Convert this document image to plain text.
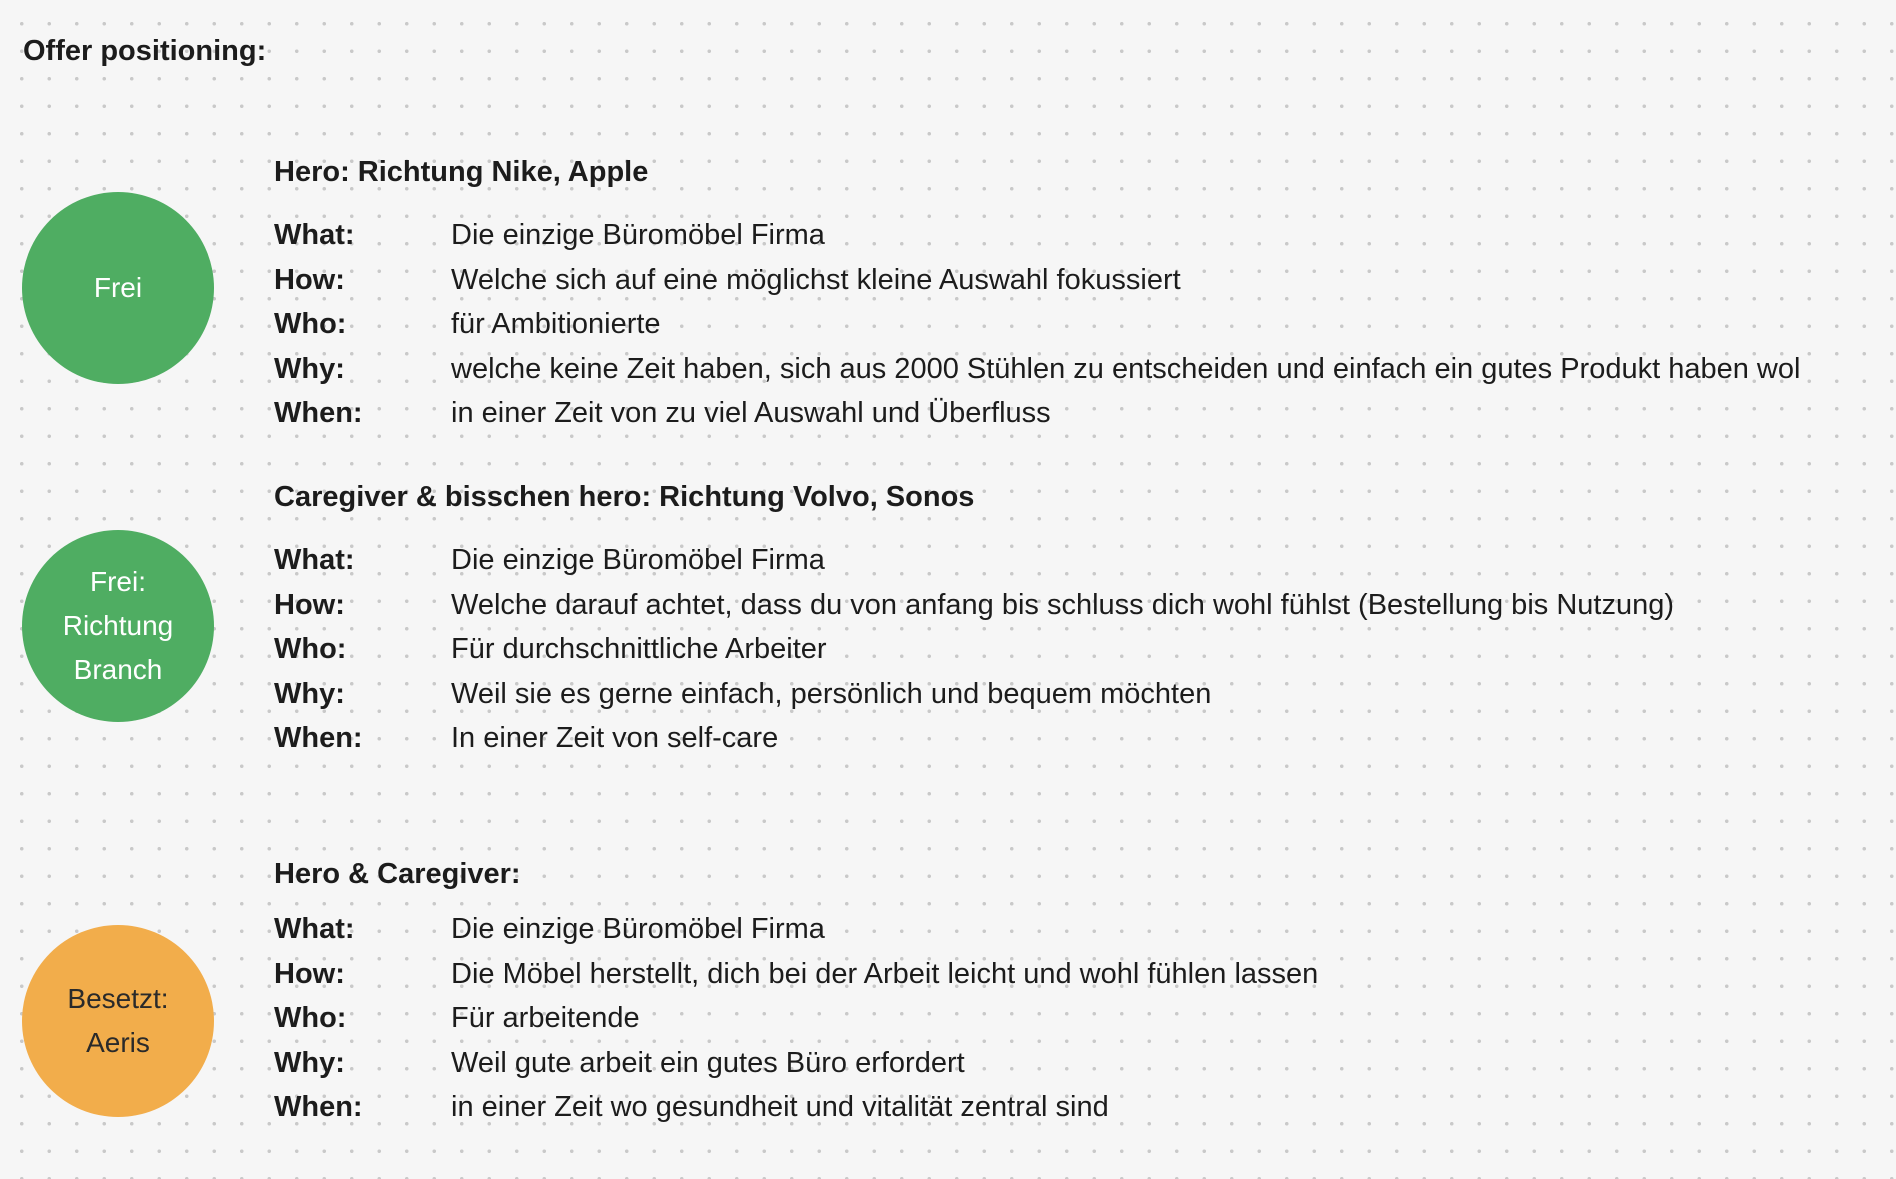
Offer positioning:
Frei
Hero: Richtung Nike, Apple
What:	Die einzige Büromöbel Firma
How:	Welche sich auf eine möglichst kleine Auswahl fokussiert
Who:	für Ambitionierte
Why:	welche keine Zeit haben, sich aus 2000 Stühlen zu entscheiden und einfach ein gutes Produkt haben wol
When:	in einer Zeit von zu viel Auswahl und Überfluss
Frei:
Richtung
Branch
Caregiver & bisschen hero: Richtung Volvo, Sonos
What:	Die einzige Büromöbel Firma
How:	Welche darauf achtet, dass du von anfang bis schluss dich wohl fühlst (Bestellung bis Nutzung)
Who:	Für durchschnittliche Arbeiter
Why:	Weil sie es gerne einfach, persönlich und bequem möchten
When:	In einer Zeit von self-care
Besetzt:
Aeris
Hero & Caregiver:
What:	Die einzige Büromöbel Firma
How:	Die Möbel herstellt, dich bei der Arbeit leicht und wohl fühlen lassen
Who:	Für arbeitende
Why:	Weil gute arbeit ein gutes Büro erfordert
When:	in einer Zeit wo gesundheit und vitalität zentral sind
